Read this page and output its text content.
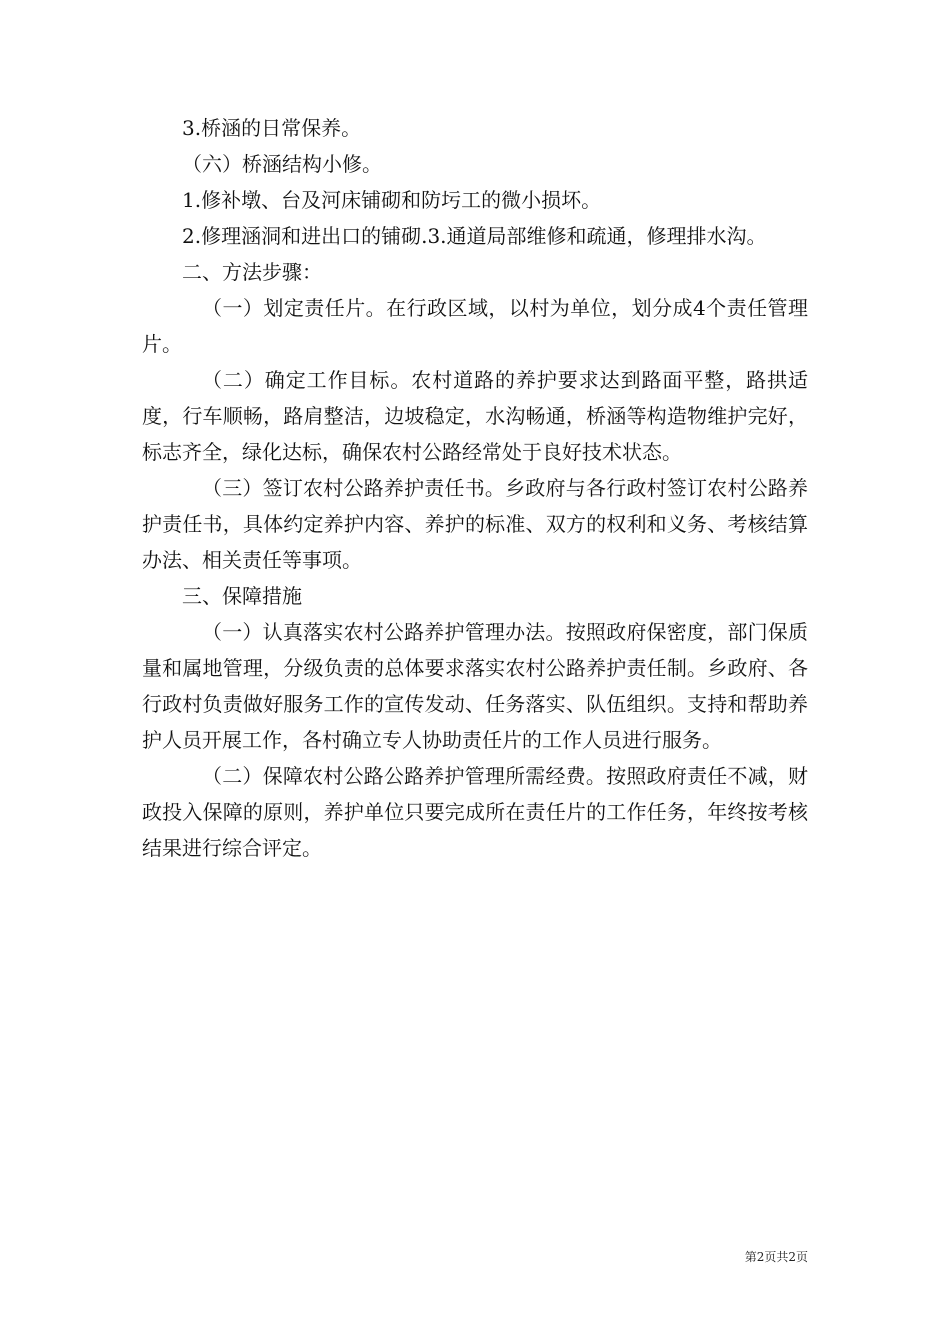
3.桥涵的日常保养。

（六）桥涵结构小修。

1.修补墩、台及河床铺砌和防圬工的微小损坏。

2.修理涵洞和进出口的铺砌.3.通道局部维修和疏通，修理排水沟。

二、方法步骤：

（一）划定责任片。在行政区域，以村为单位，划分成4个责任管理片。

（二）确定工作目标。农村道路的养护要求达到路面平整，路拱适度，行车顺畅，路肩整洁，边坡稳定，水沟畅通，桥涵等构造物维护完好，标志齐全，绿化达标，确保农村公路经常处于良好技术状态。

（三）签订农村公路养护责任书。乡政府与各行政村签订农村公路养护责任书，具体约定养护内容、养护的标准、双方的权利和义务、考核结算办法、相关责任等事项。

三、保障措施

（一）认真落实农村公路养护管理办法。按照政府保密度，部门保质量和属地管理，分级负责的总体要求落实农村公路养护责任制。乡政府、各行政村负责做好服务工作的宣传发动、任务落实、队伍组织。支持和帮助养护人员开展工作，各村确立专人协助责任片的工作人员进行服务。

（二）保障农村公路公路养护管理所需经费。按照政府责任不减，财政投入保障的原则，养护单位只要完成所在责任片的工作任务，年终按考核结果进行综合评定。

第2页共2页
